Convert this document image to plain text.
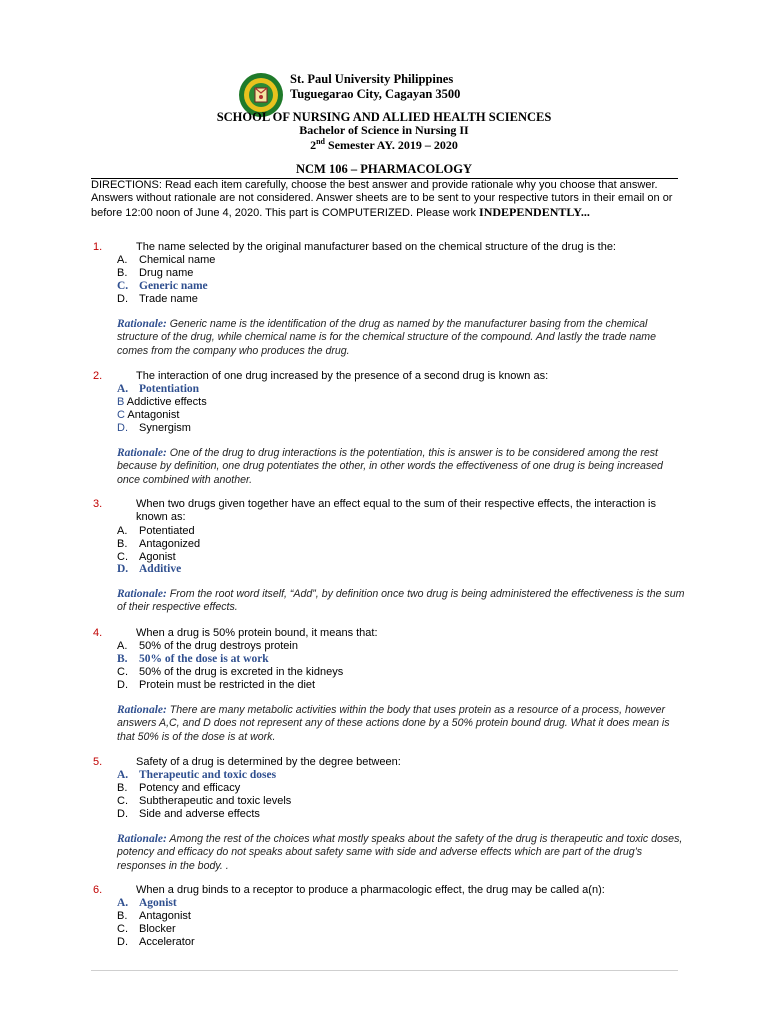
St. Paul University Philippines
Tuguegarao City, Cagayan 3500
SCHOOL OF NURSING AND ALLIED HEALTH SCIENCES
Bachelor of Science in Nursing II
2nd Semester AY. 2019 – 2020
NCM 106 – PHARMACOLOGY
DIRECTIONS: Read each item carefully, choose the best answer and provide rationale why you choose that answer. Answers without rationale are not considered. Answer sheets are to be sent to your respective tutors in their email on or before 12:00 noon of June 4, 2020. This part is COMPUTERIZED. Please work INDEPENDENTLY...
1.	The name selected by the original manufacturer based on the chemical structure of the drug is the:
A. Chemical name
B. Drug name
C. Generic name
D. Trade name
Rationale: Generic name is the identification of the drug as named by the manufacturer basing from the chemical structure of the drug, while chemical name is for the chemical structure of the compound. And lastly the trade name comes from the company who produces the drug.
2.	The interaction of one drug increased by the presence of a second drug is known as:
A. Potentiation
B Addictive effects
C Antagonist
D. Synergism
Rationale: One of the drug to drug interactions is the potentiation, this is answer is to be considered among the rest because by definition, one drug potentiates the other, in other words the effectiveness of one drug is being increased once combined with another.
3.	When two drugs given together have an effect equal to the sum of their respective effects, the interaction is known as:
A. Potentiated
B. Antagonized
C. Agonist
D. Additive
Rationale: From the root word itself, “Add”, by definition once two drug is being administered the effectiveness is the sum of their respective effects.
4.	When a drug is 50% protein bound, it means that:
A. 50% of the drug destroys protein
B. 50% of the dose is at work
C. 50% of the drug is excreted in the kidneys
D. Protein must be restricted in the diet
Rationale: There are many metabolic activities within the body that uses protein as a resource of a process, however answers A,C, and D does not represent any of these actions done by a 50% protein bound drug. What it does mean is that 50% is of the dose is at work.
5.	Safety of a drug is determined by the degree between:
A. Therapeutic and toxic doses
B. Potency and efficacy
C. Subtherapeutic and toxic levels
D. Side and adverse effects
Rationale: Among the rest of the choices what mostly speaks about the safety of the drug is therapeutic and toxic doses, potency and efficacy do not speaks about safety same with side and adverse effects which are part of the drug’s responses in the body. .
6.	When a drug binds to a receptor to produce a pharmacologic effect, the drug may be called a(n):
A. Agonist
B. Antagonist
C. Blocker
D. Accelerator
